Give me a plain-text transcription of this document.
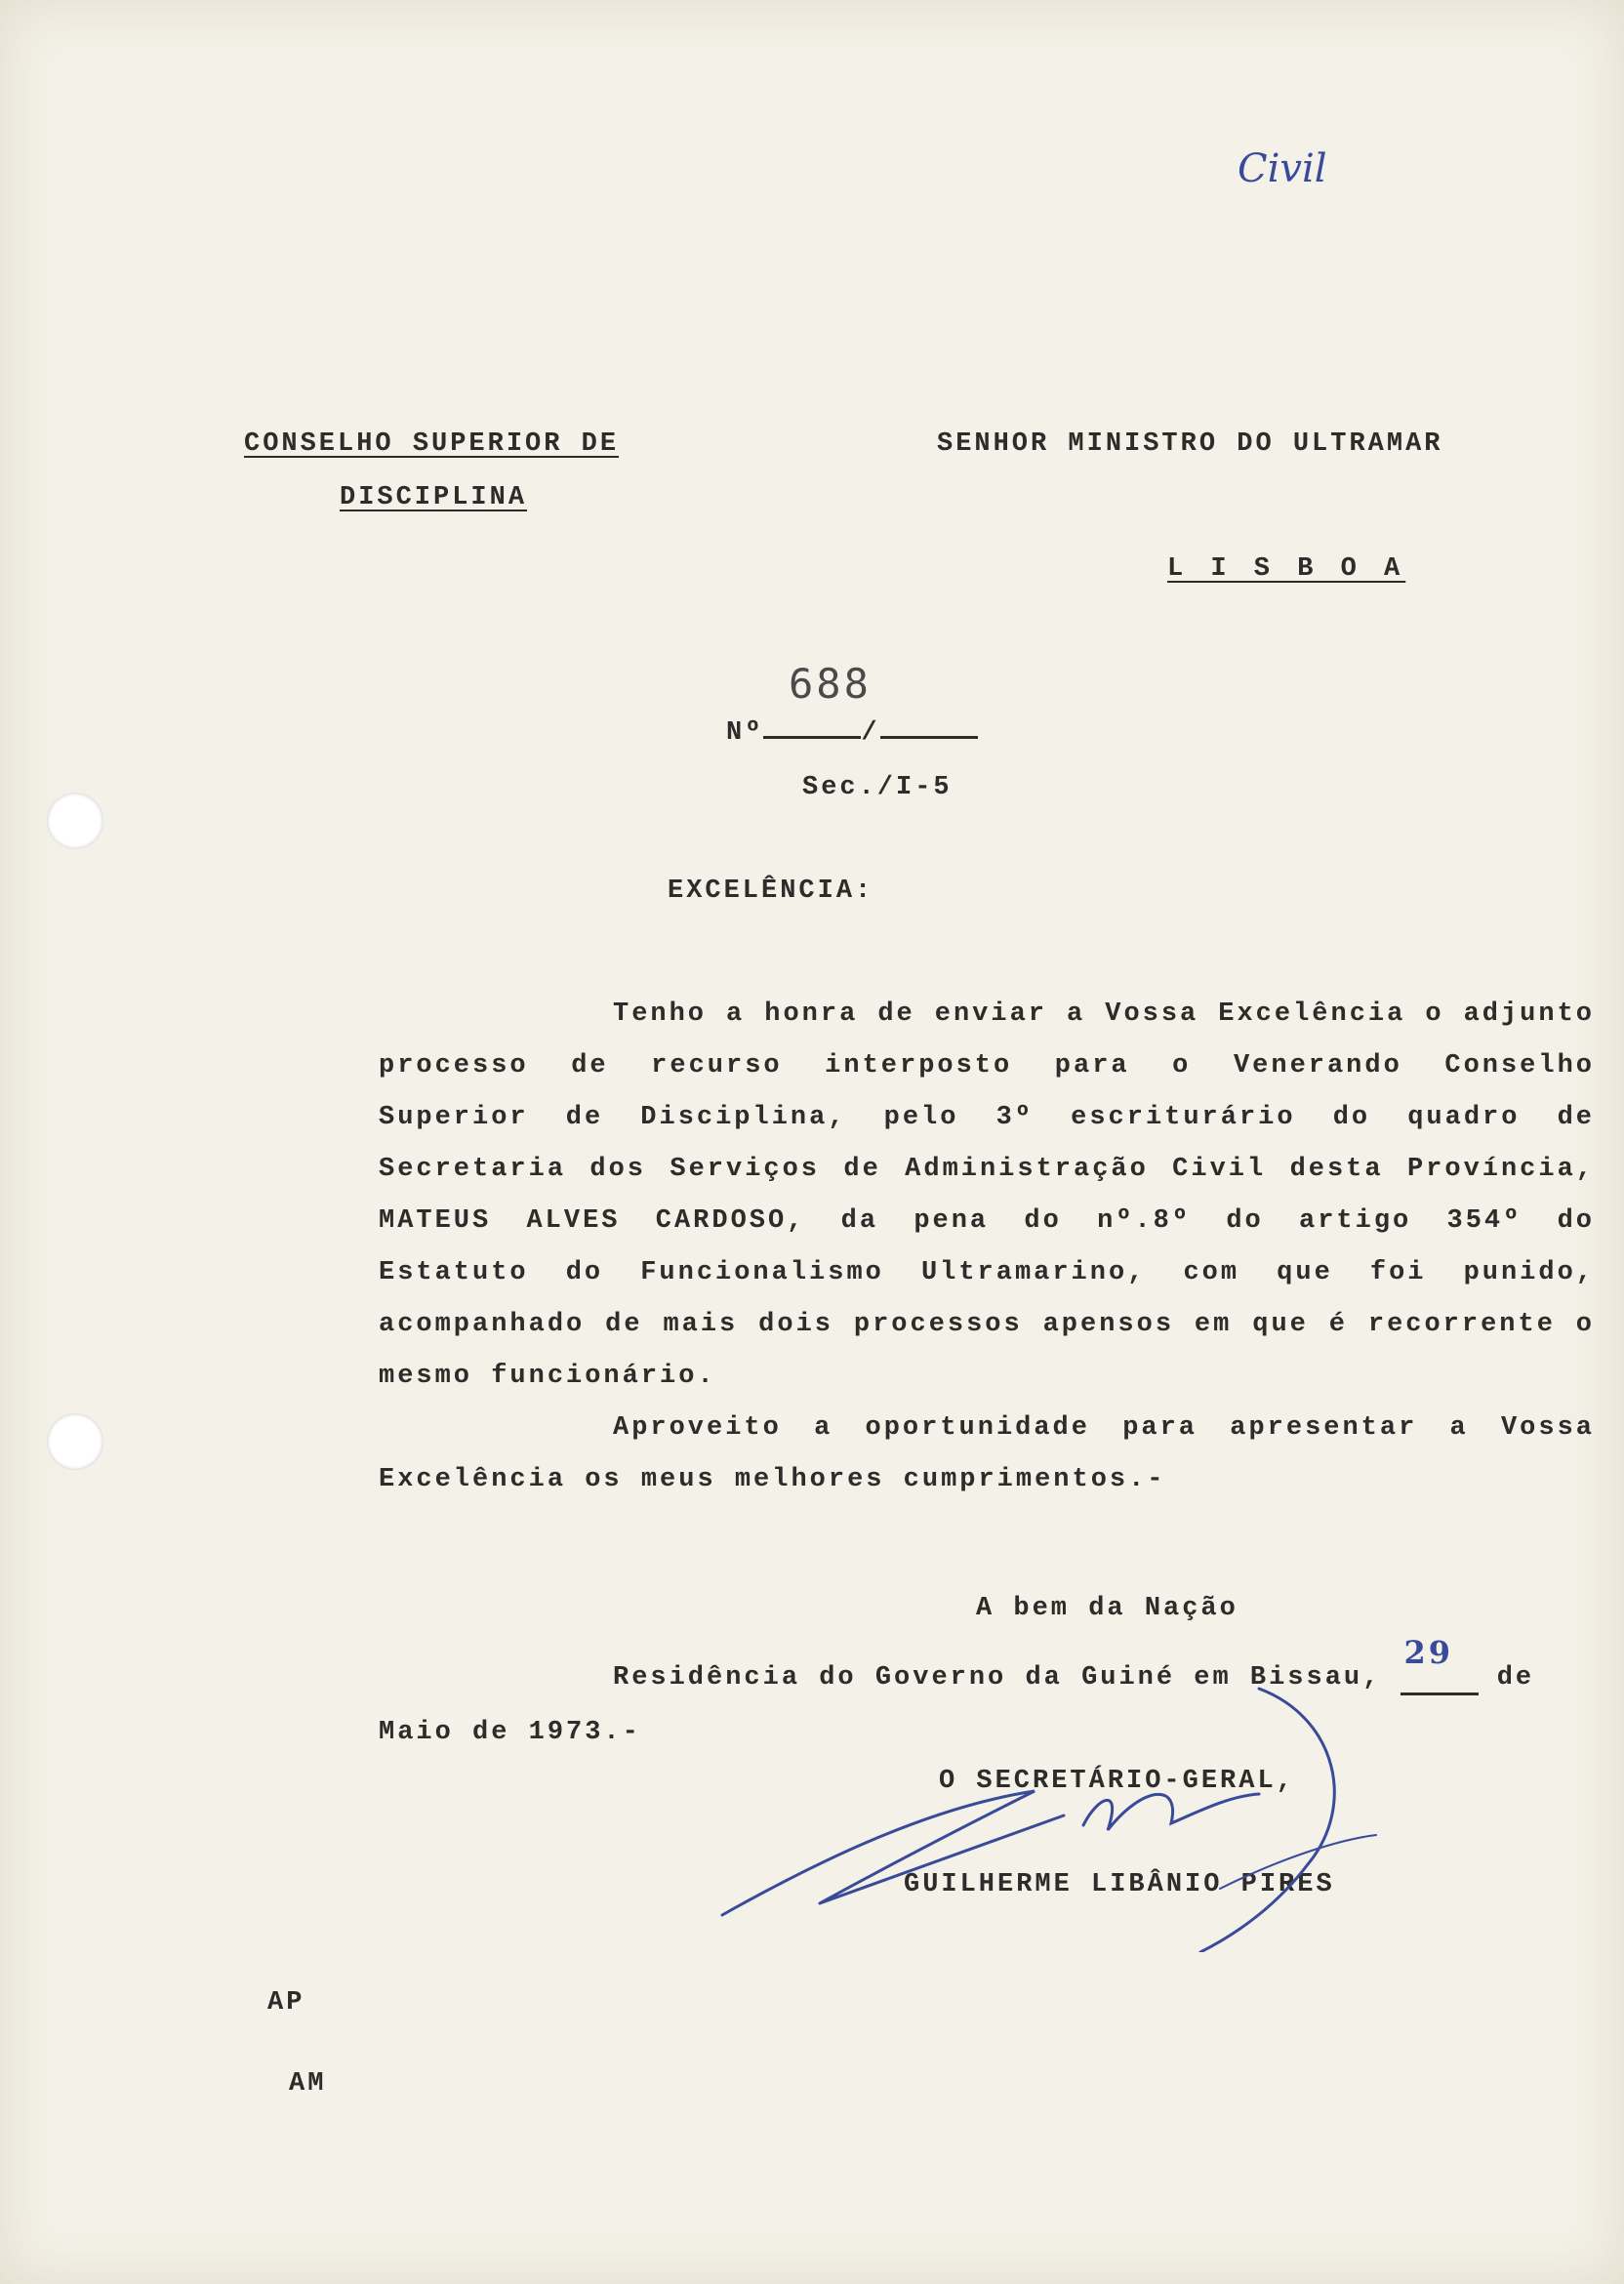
Civil
CONSELHO SUPERIOR DE
DISCIPLINA
SENHOR MINISTRO DO ULTRAMAR
L I S B O A
688
Nº	/
Sec./I-5
EXCELÊNCIA:

Tenho a honra de enviar a Vossa Excelência o adjunto processo de recurso interposto para o Venerando Conselho Superior de Disciplina, pelo 3º escriturário do quadro de Secretaria dos Serviços de Administração Civil desta Província, MATEUS ALVES CARDOSO, da pena do nº.8º do artigo 354º do Estatuto do Funcionalismo Ultramarino, com que foi punido, acompanhado de mais dois processos apensos em que é recorrente o mesmo funcionário.

Aproveito a oportunidade para apresentar a Vossa Excelência os meus melhores cumprimentos.-

A bem da Nação
Residência do Governo da Guiné em Bissau,
29
de
Maio de 1973.-
O SECRETÁRIO-GERAL,
GUILHERME LIBÂNIO PIRES
AP
AM
